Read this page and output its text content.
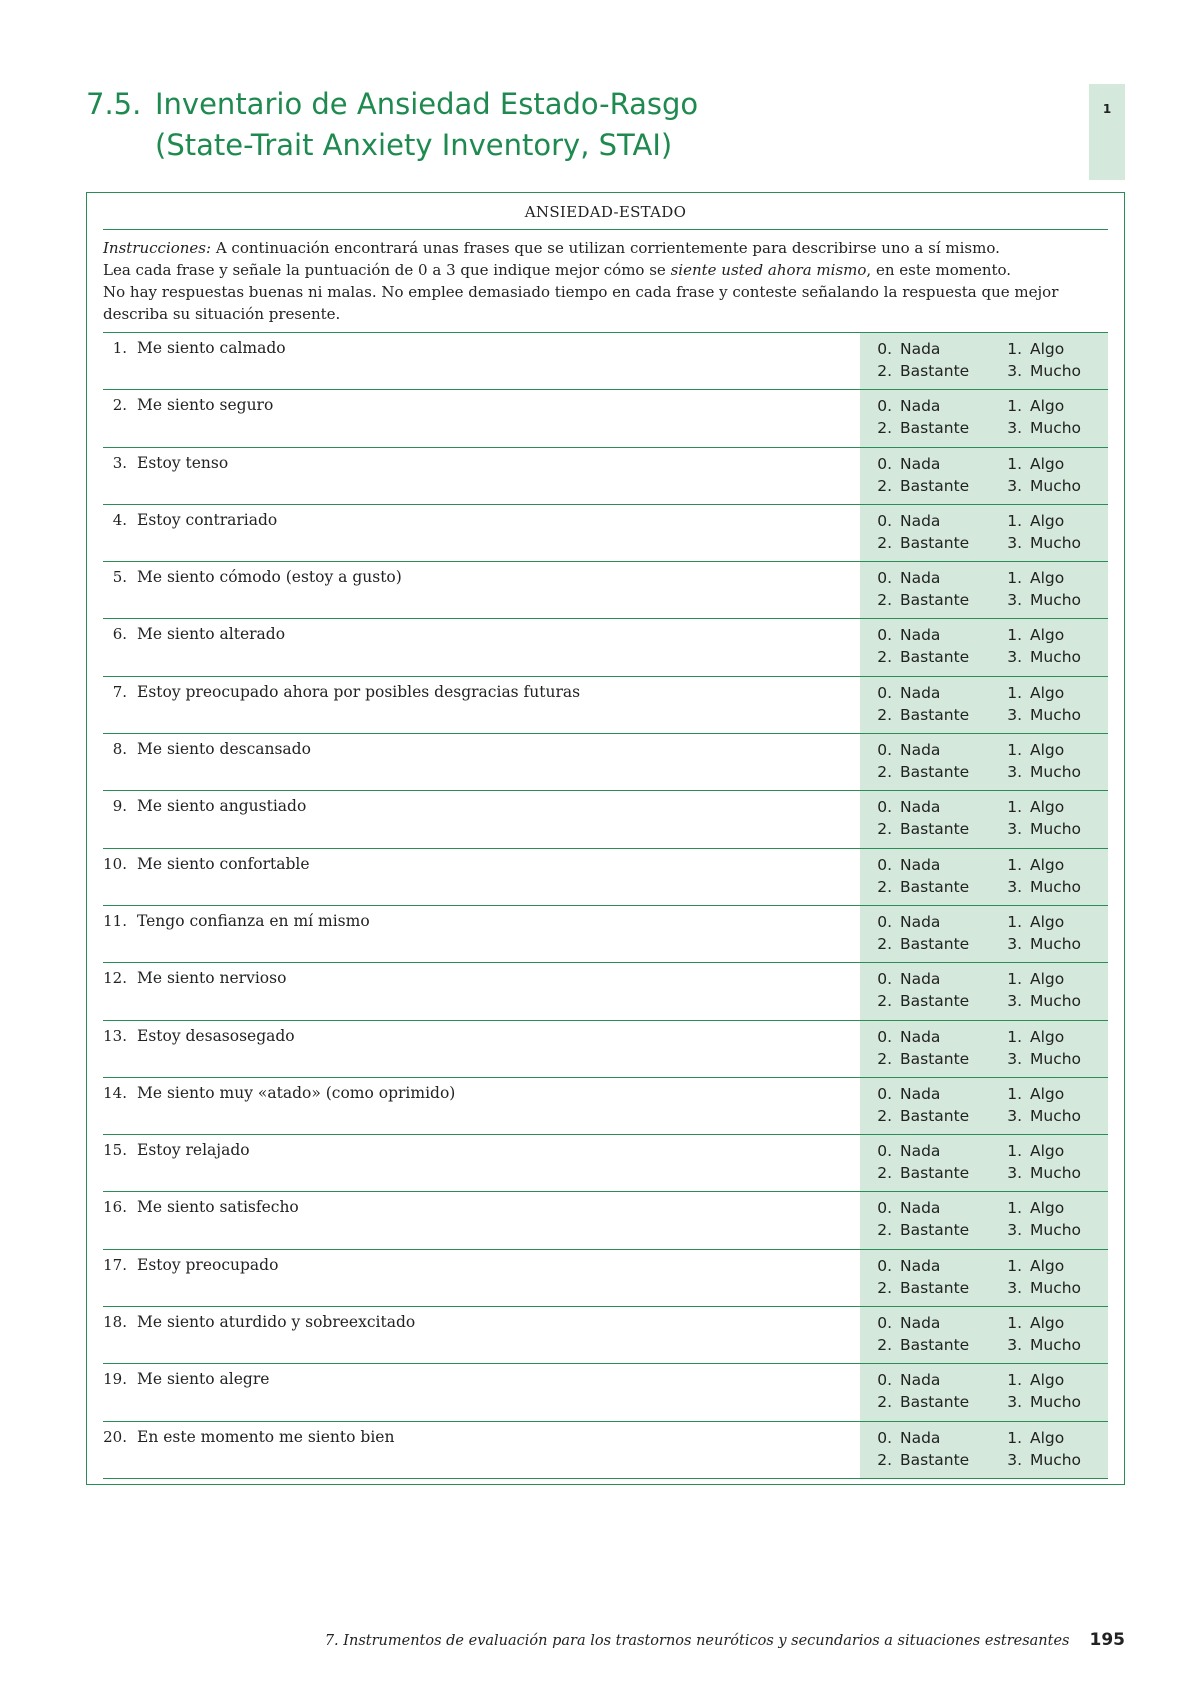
7.5. Inventario de Ansiedad Estado-Rasgo
(State-Trait Anxiety Inventory, STAI)
1
ANSIEDAD-ESTADO
Instrucciones: A continuación encontrará unas frases que se utilizan corrientemente para describirse uno a sí mismo.
Lea cada frase y señale la puntuación de 0 a 3 que indique mejor cómo se siente usted ahora mismo, en este momento.
No hay respuestas buenas ni malas. No emplee demasiado tiempo en cada frase y conteste señalando la respuesta que mejor describa su situación presente.
1. Me siento calmado	0. Nada	1. Algo
2. Bastante	3. Mucho
2. Me siento seguro	0. Nada	1. Algo
2. Bastante	3. Mucho
3. Estoy tenso	0. Nada	1. Algo
2. Bastante	3. Mucho
4. Estoy contrariado	0. Nada	1. Algo
2. Bastante	3. Mucho
5. Me siento cómodo (estoy a gusto)	0. Nada	1. Algo
2. Bastante	3. Mucho
6. Me siento alterado	0. Nada	1. Algo
2. Bastante	3. Mucho
7. Estoy preocupado ahora por posibles desgracias futuras	0. Nada	1. Algo
2. Bastante	3. Mucho
8. Me siento descansado	0. Nada	1. Algo
2. Bastante	3. Mucho
9. Me siento angustiado	0. Nada	1. Algo
2. Bastante	3. Mucho
10. Me siento confortable	0. Nada	1. Algo
2. Bastante	3. Mucho
11. Tengo confianza en mí mismo	0. Nada	1. Algo
2. Bastante	3. Mucho
12. Me siento nervioso	0. Nada	1. Algo
2. Bastante	3. Mucho
13. Estoy desasosegado	0. Nada	1. Algo
2. Bastante	3. Mucho
14. Me siento muy «atado» (como oprimido)	0. Nada	1. Algo
2. Bastante	3. Mucho
15. Estoy relajado	0. Nada	1. Algo
2. Bastante	3. Mucho
16. Me siento satisfecho	0. Nada	1. Algo
2. Bastante	3. Mucho
17. Estoy preocupado	0. Nada	1. Algo
2. Bastante	3. Mucho
18. Me siento aturdido y sobreexcitado	0. Nada	1. Algo
2. Bastante	3. Mucho
19. Me siento alegre	0. Nada	1. Algo
2. Bastante	3. Mucho
20. En este momento me siento bien	0. Nada	1. Algo
2. Bastante	3. Mucho
7. Instrumentos de evaluación para los trastornos neuróticos y secundarios a situaciones estresantes 195
